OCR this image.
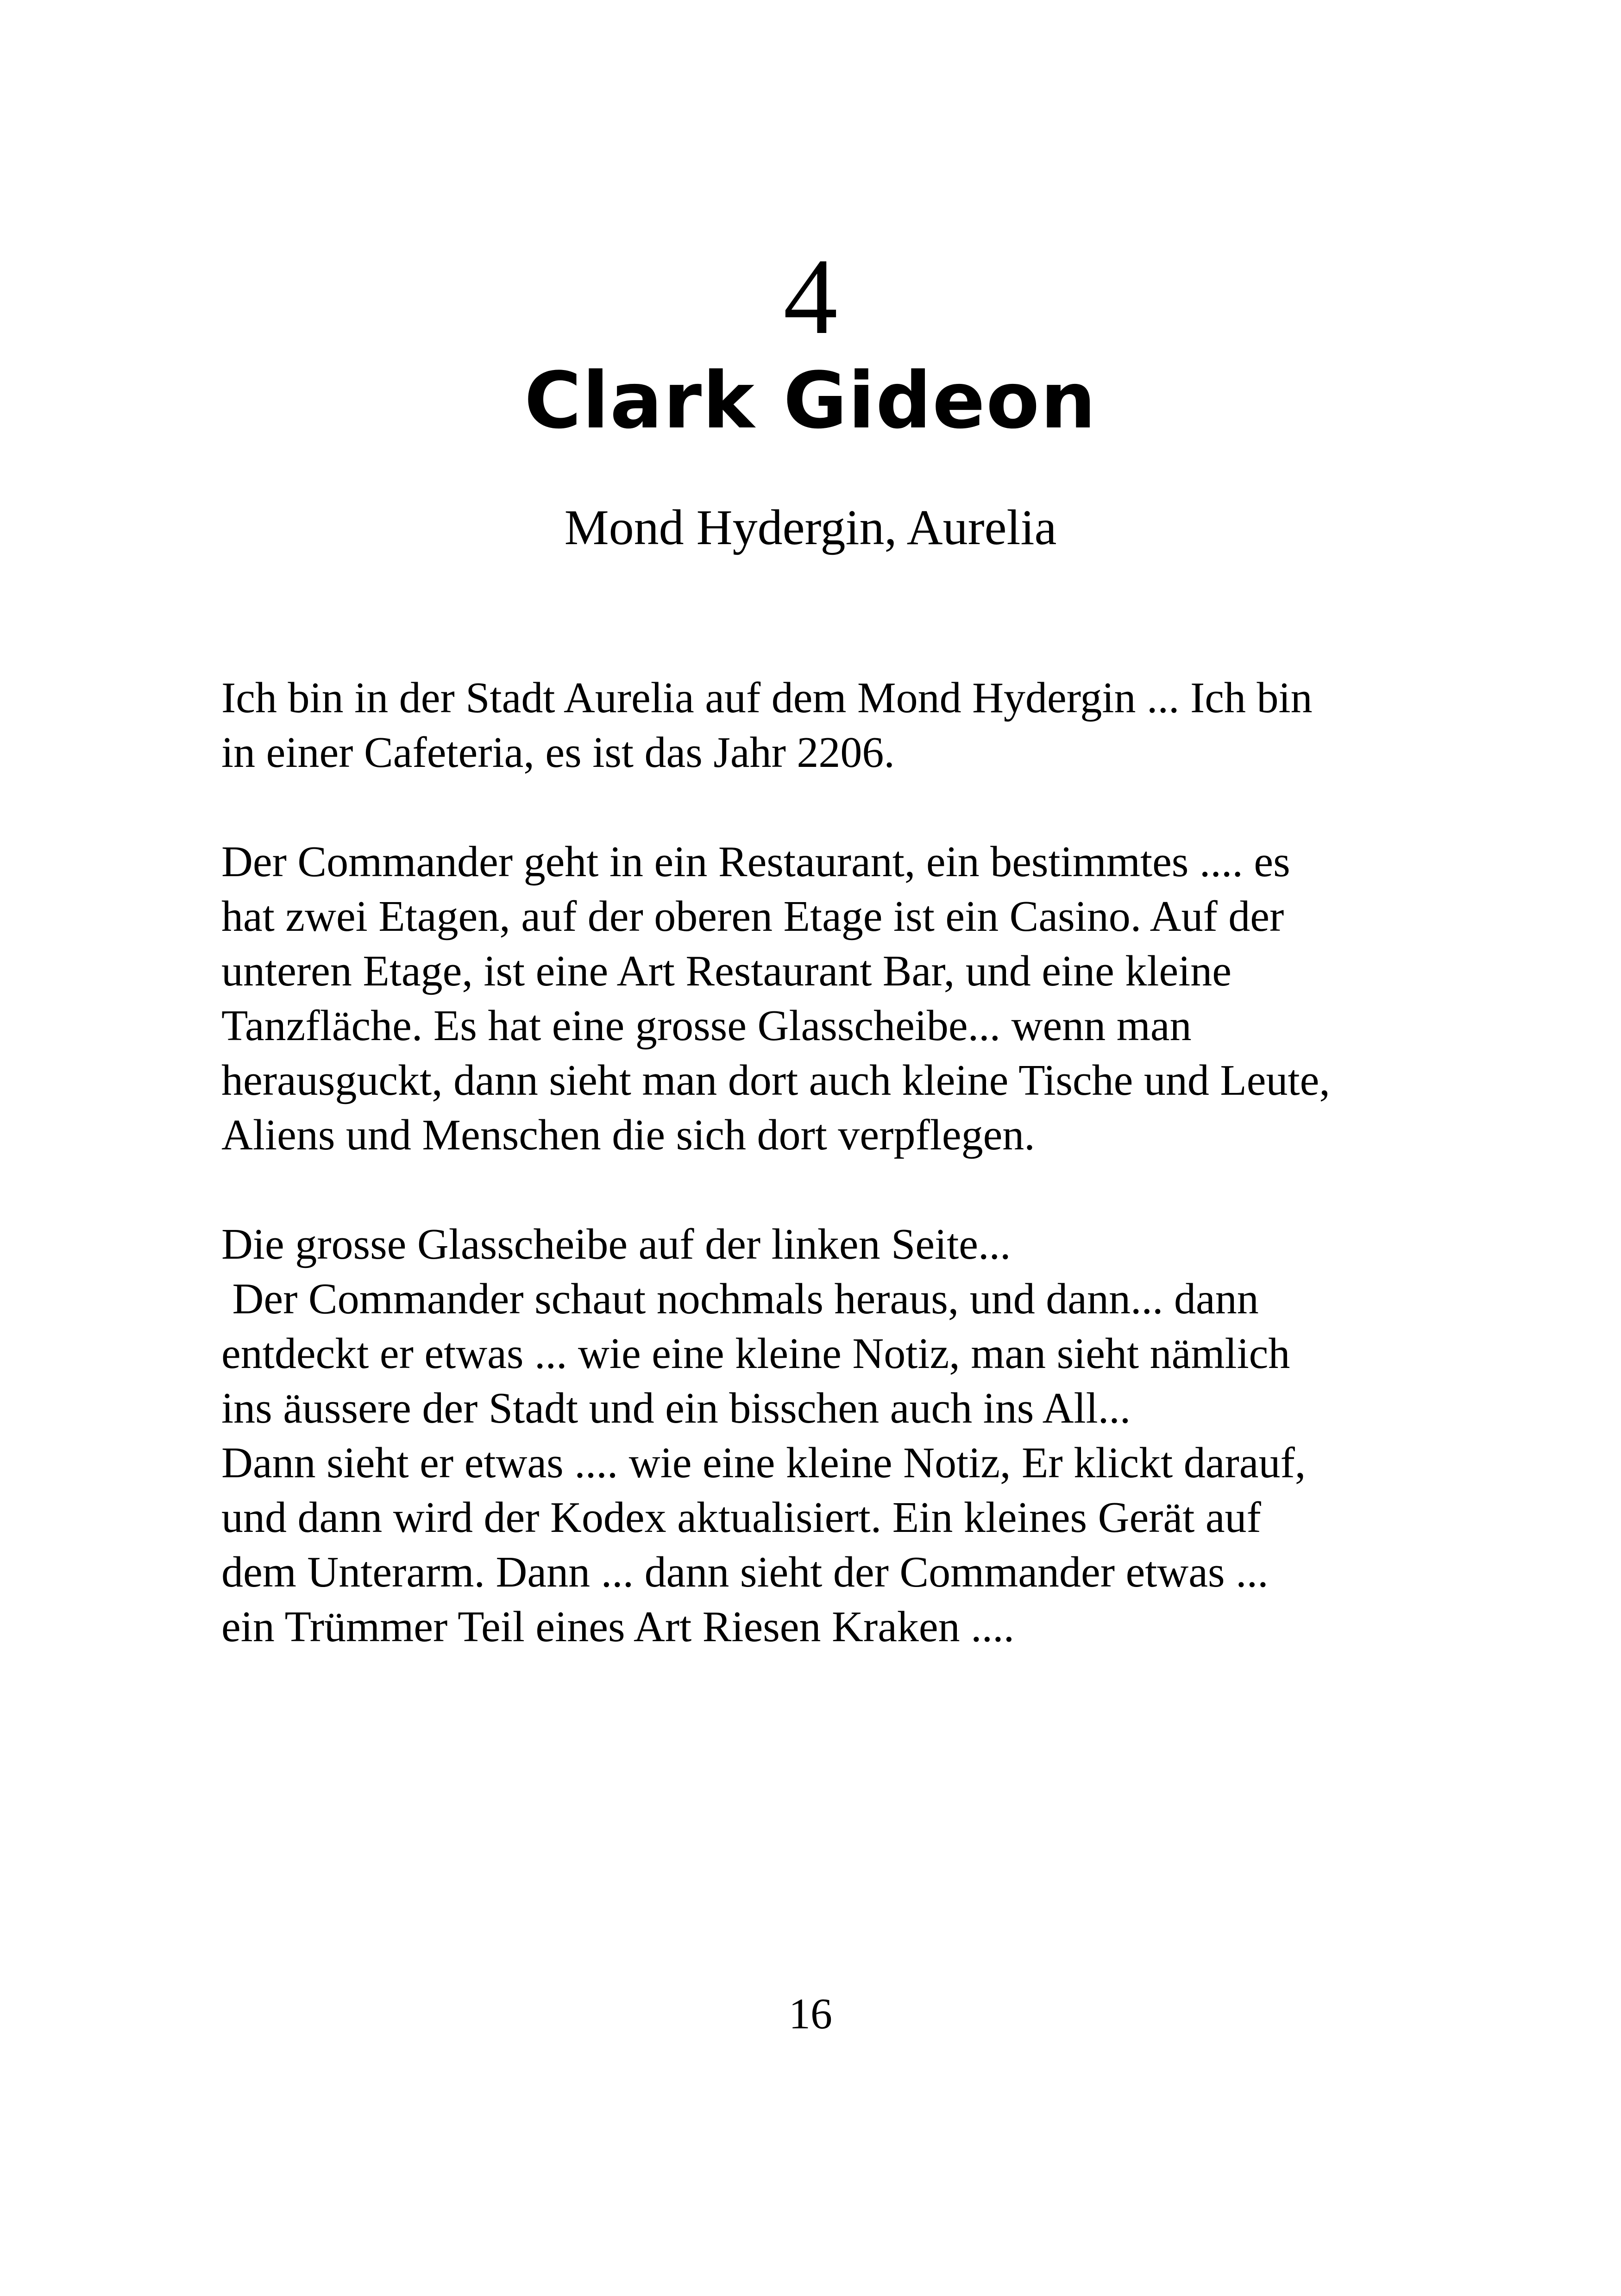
4
Clark Gideon
Mond Hydergin, Aurelia
Ich bin in der Stadt Aurelia auf dem Mond Hydergin ... Ich bin
in einer Cafeteria, es ist das Jahr 2206.
Der Commander geht in ein Restaurant, ein bestimmtes .... es
hat zwei Etagen, auf der oberen Etage ist ein Casino. Auf der
unteren Etage, ist eine Art Restaurant Bar, und eine kleine
Tanzfläche. Es hat eine grosse Glasscheibe... wenn man
herausguckt, dann sieht man dort auch kleine Tische und Leute,
Aliens und Menschen die sich dort verpflegen.
Die grosse Glasscheibe auf der linken Seite...
Der Commander schaut nochmals heraus, und dann... dann
entdeckt er etwas ... wie eine kleine Notiz, man sieht nämlich
ins äussere der Stadt und ein bisschen auch ins All...
Dann sieht er etwas .... wie eine kleine Notiz, Er klickt darauf,
und dann wird der Kodex aktualisiert. Ein kleines Gerät auf
dem Unterarm. Dann ... dann sieht der Commander etwas ...
ein Trümmer Teil eines Art Riesen Kraken ....
16
